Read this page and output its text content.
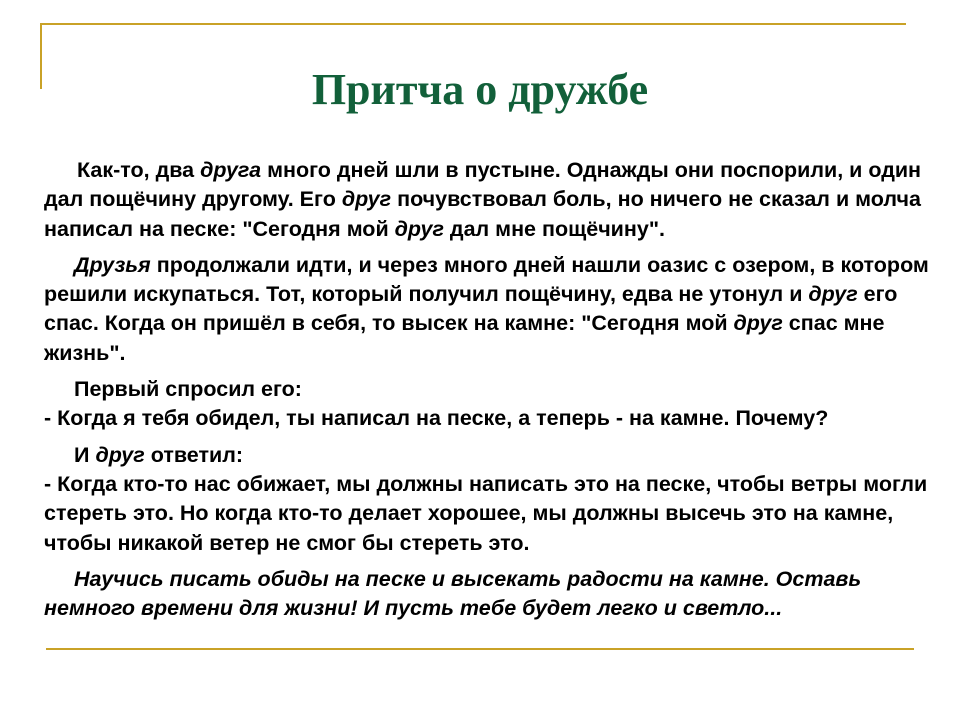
Притча о дружбе

Как-то, два друга много дней шли в пустыне. Однажды они поспорили, и один дал пощёчину другому. Его друг почувствовал боль, но ничего не сказал и молча написал на песке: "Сегодня мой друг дал мне пощёчину".

Друзья продолжали идти, и через много дней нашли оазис с озером, в котором решили искупаться. Тот, который получил пощёчину, едва не утонул и друг его спас. Когда он пришёл в себя, то высек на камне: "Сегодня мой друг спас мне жизнь".

Первый спросил его:
- Когда я тебя обидел, ты написал на песке, а теперь - на камне. Почему?

И друг ответил:
- Когда кто-то нас обижает, мы должны написать это на песке, чтобы ветры могли стереть это. Но когда кто-то делает хорошее, мы должны высечь это на камне, чтобы никакой ветер не смог бы стереть это.

Научись писать обиды на песке и высекать радости на камне. Оставь немного времени для жизни! И пусть тебе будет легко и светло...
